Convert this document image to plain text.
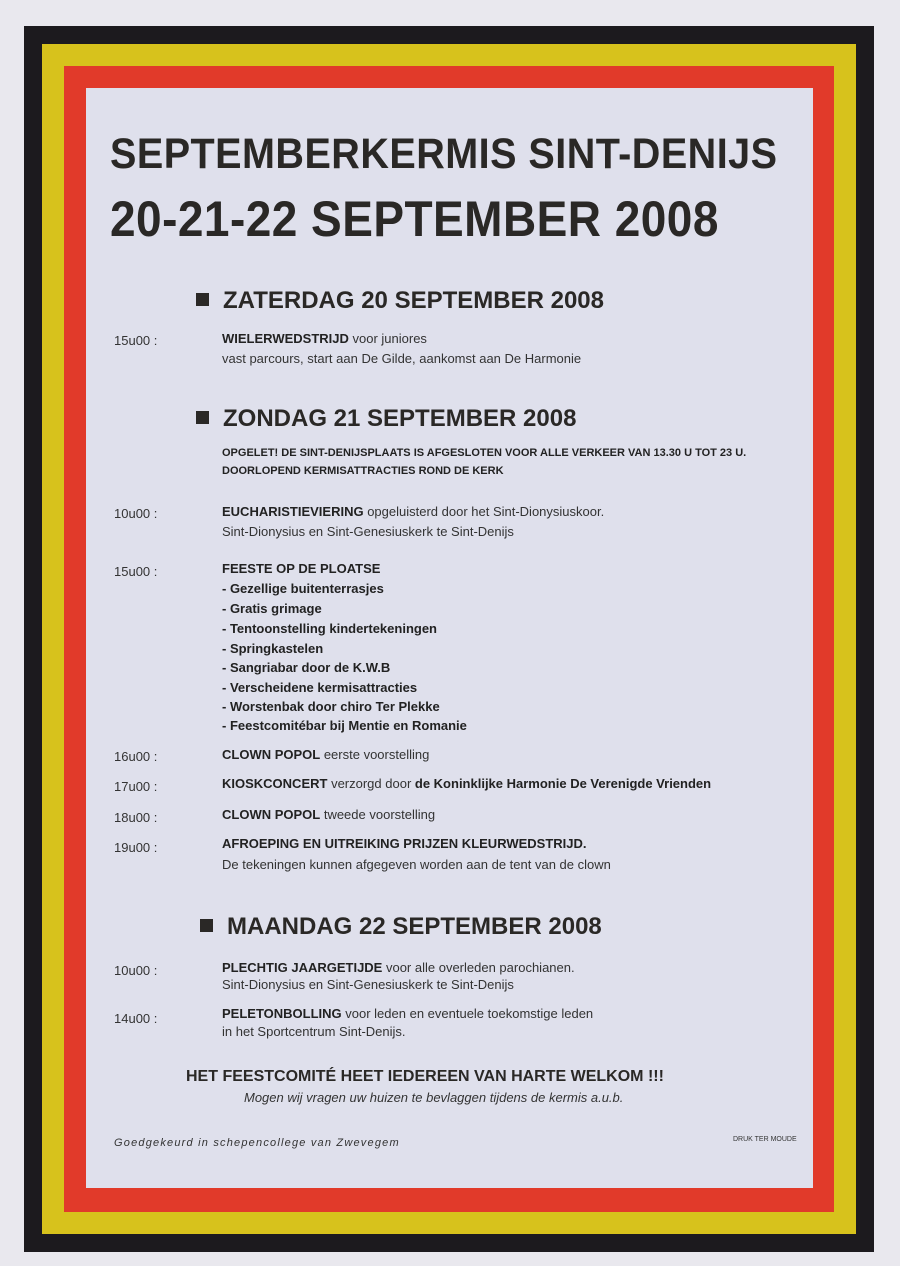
SEPTEMBERKERMIS SINT-DENIJS
20-21-22 SEPTEMBER 2008
ZATERDAG 20 SEPTEMBER 2008
15u00 :	WIELERWEDSTRIJD voor juniores
vast parcours, start aan De Gilde, aankomst aan De Harmonie
ZONDAG 21 SEPTEMBER 2008
OPGELET! DE SINT-DENIJSPLAATS IS AFGESLOTEN VOOR ALLE VERKEER VAN 13.30 U TOT 23 U.
DOORLOPEND KERMISATTRACTIES ROND DE KERK
10u00 :	EUCHARISTIEVIERING opgeluisterd door het Sint-Dionysiuskoor.
Sint-Dionysius en Sint-Genesiuskerk te Sint-Denijs
15u00 :	FEESTE OP DE PLOATSE
- Gezellige buitenterrasjes
- Gratis grimage
- Tentoonstelling kindertekeningen
- Springkastelen
- Sangriabar door de K.W.B
- Verscheidene kermisattracties
- Worstenbak door chiro Ter Plekke
- Feestcomitébar bij Mentie en Romanie
16u00 :	CLOWN POPOL eerste voorstelling
17u00 :	KIOSKCONCERT verzorgd door de Koninklijke Harmonie De Verenigde Vrienden
18u00 :	CLOWN POPOL tweede voorstelling
19u00 :	AFROEPING EN UITREIKING PRIJZEN KLEURWEDSTRIJD.
De tekeningen kunnen afgegeven worden aan de tent van de clown
MAANDAG 22 SEPTEMBER 2008
10u00 :	PLECHTIG JAARGETIJDE voor alle overleden parochianen.
Sint-Dionysius en Sint-Genesiuskerk te Sint-Denijs
14u00 :	PELETONBOLLING voor leden en eventuele toekomstige leden
in het Sportcentrum Sint-Denijs.
HET FEESTCOMITÉ HEET IEDEREEN VAN HARTE WELKOM !!!
Mogen wij vragen uw huizen te bevlaggen tijdens de kermis a.u.b.
Goedgekeurd in schepencollege van Zwevegem	DRUK TER MOUDE
